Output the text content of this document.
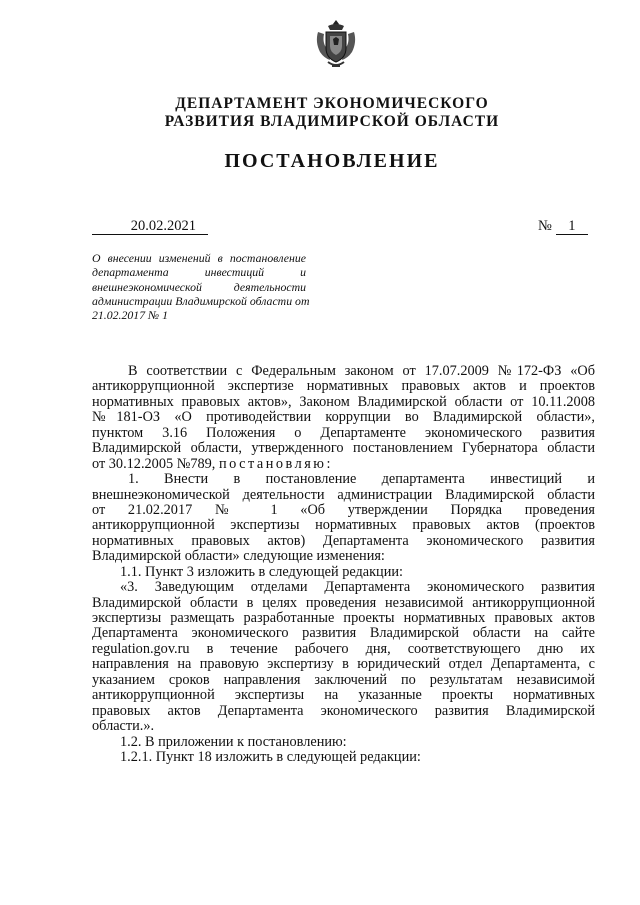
ДЕПАРТАМЕНТ ЭКОНОМИЧЕСКОГО
РАЗВИТИЯ ВЛАДИМИРСКОЙ ОБЛАСТИ
ПОСТАНОВЛЕНИЕ
20.02.2021	№ 1
О внесении изменений в постановление
департамента инвестиций и
внешнеэкономической деятельности
администрации Владимирской области от
21.02.2017 № 1
В соответствии с Федеральным законом от 17.07.2009 №172-ФЗ «Об
антикоррупционной экспертизе нормативных правовых актов и проектов
нормативных правовых актов», Законом Владимирской области от 10.11.2008
№181-ОЗ «О противодействии коррупции во Владимирской области»,
пунктом 3.16 Положения о Департаменте экономического развития
Владимирской области, утвержденного постановлением Губернатора области
от 30.12.2005 №789, постановляю:
1. Внести в постановление департамента инвестиций и
внешнеэкономической деятельности администрации Владимирской области
от 21.02.2017 № 1 «Об утверждении Порядка проведения
антикоррупционной экспертизы нормативных правовых актов (проектов
нормативных правовых актов) Департамента экономического развития
Владимирской области» следующие изменения:
1.1. Пункт 3 изложить в следующей редакции:
«3. Заведующим отделами Департамента экономического развития
Владимирской области в целях проведения независимой антикоррупционной
экспертизы размещать разработанные проекты нормативных правовых актов
Департамента экономического развития Владимирской области на сайте
regulation.gov.ru в течение рабочего дня, соответствующего дню их
направления на правовую экспертизу в юридический отдел Департамента, с
указанием сроков направления заключений по результатам независимой
антикоррупционной экспертизы на указанные проекты нормативных
правовых актов Департамента экономического развития Владимирской
области.».
1.2. В приложении к постановлению:
1.2.1. Пункт 18 изложить в следующей редакции:
